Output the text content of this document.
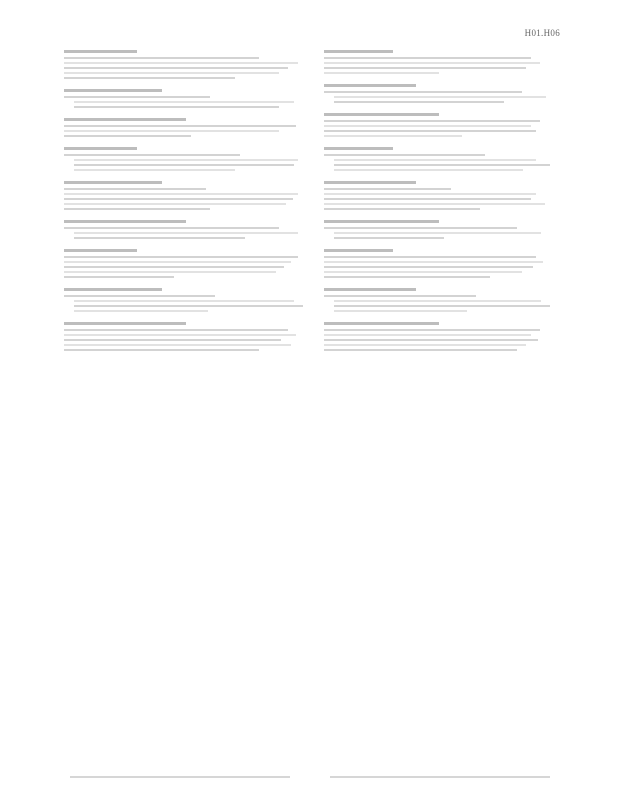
H01.H06
